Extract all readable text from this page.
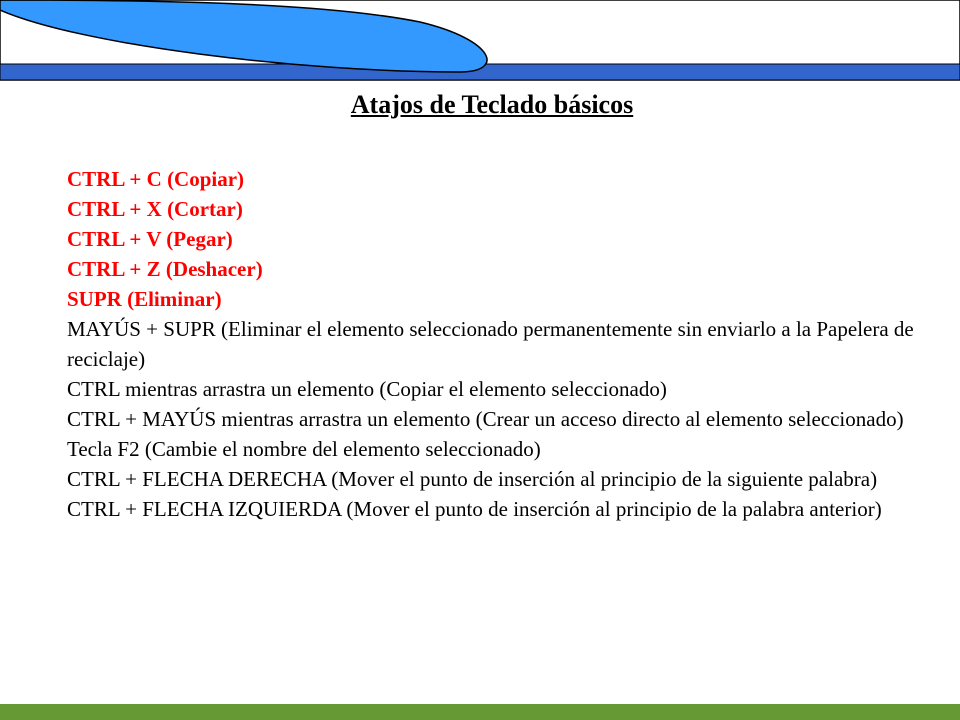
Atajos de Teclado básicos
CTRL + C (Copiar)
CTRL + X (Cortar)
CTRL + V (Pegar)
CTRL + Z (Deshacer)
SUPR (Eliminar)
MAYÚS + SUPR (Eliminar el elemento seleccionado permanentemente sin enviarlo a la Papelera de reciclaje)
CTRL mientras arrastra un elemento (Copiar el elemento seleccionado)
CTRL + MAYÚS mientras arrastra un elemento (Crear un acceso directo al elemento seleccionado)
Tecla F2 (Cambie el nombre del elemento seleccionado)
CTRL + FLECHA DERECHA (Mover el punto de inserción al principio de la siguiente palabra)
CTRL + FLECHA IZQUIERDA (Mover el punto de inserción al principio de la palabra anterior)
